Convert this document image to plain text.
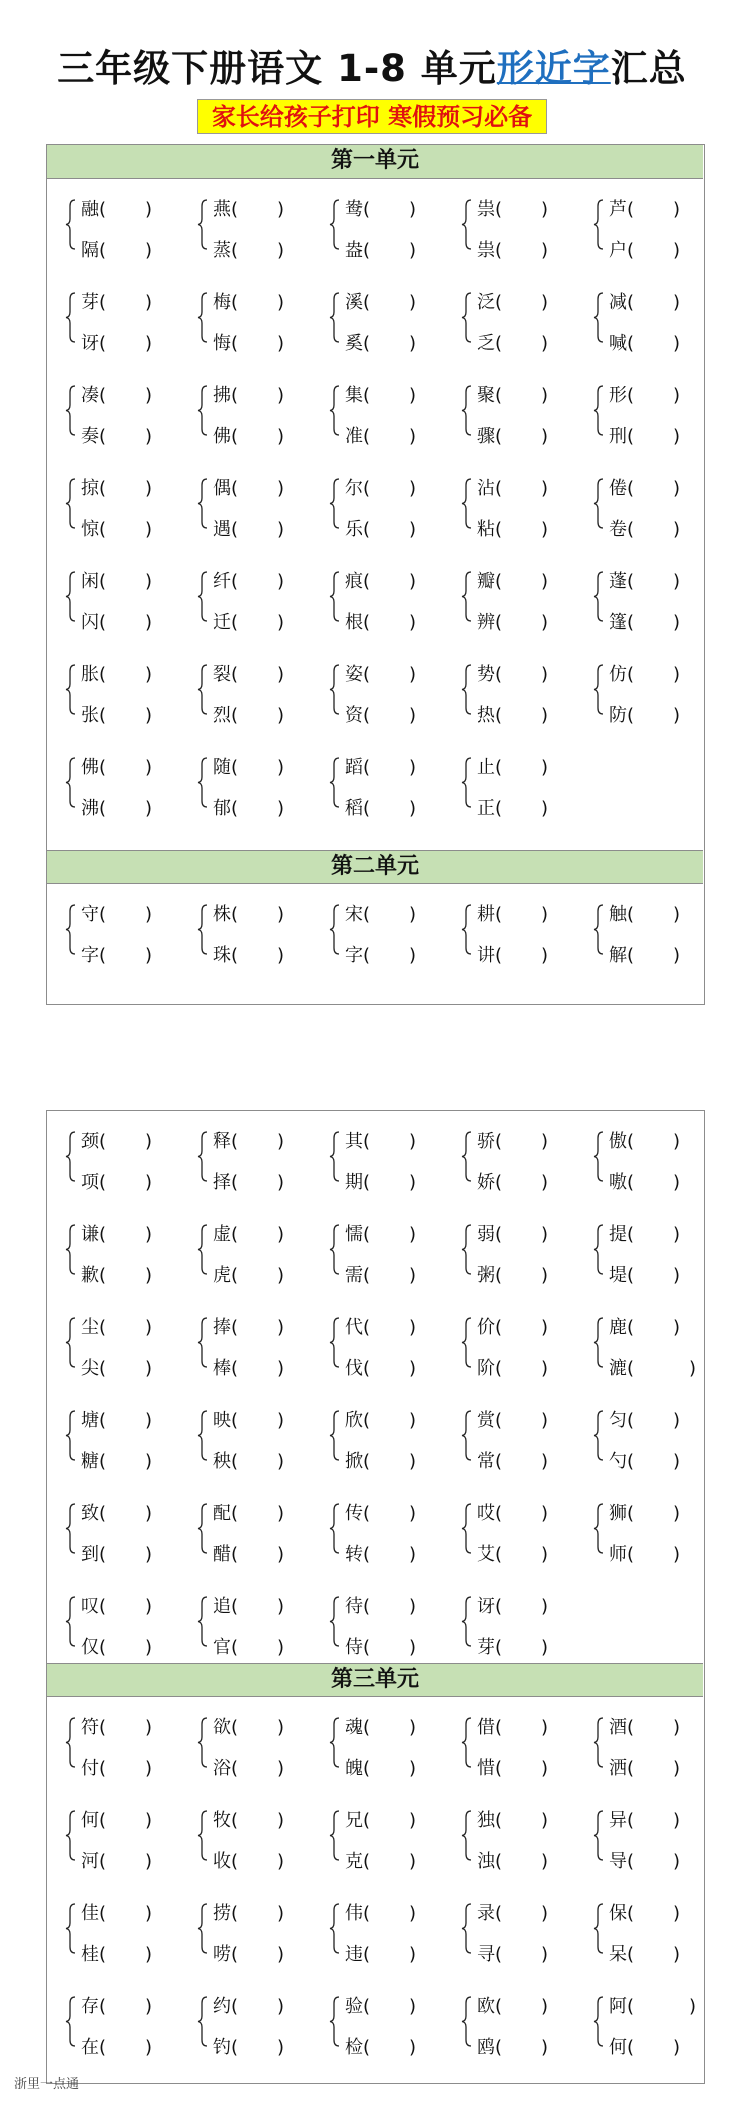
三年级下册语文 1-8 单元形近字汇总
家长给孩子打印 寒假预习必备
第一单元
第二单元
融( )
隔( )
燕( )
蒸( )
鸯( )
盎( )
祟( )
祟( )
芦( )
户( )
芽( )
讶( )
梅( )
悔( )
溪( )
奚( )
泛( )
乏( )
减( )
喊( )
凑( )
奏( )
拂( )
佛( )
集( )
准( )
聚( )
骤( )
形( )
刑( )
掠( )
惊( )
偶( )
遇( )
尔( )
乐( )
沾( )
粘( )
倦( )
卷( )
闲( )
闪( )
纤( )
迁( )
痕( )
根( )
瓣( )
辨( )
蓬( )
篷( )
胀( )
张( )
裂( )
烈( )
姿( )
资( )
势( )
热( )
仿( )
防( )
佛( )
沸( )
随( )
郁( )
蹈( )
稻( )
止( )
正( )
守( )
字( )
株( )
珠( )
宋( )
字( )
耕( )
讲( )
触( )
解( )
第三单元
颈( )
项( )
释( )
择( )
其( )
期( )
骄( )
娇( )
傲( )
嗷( )
谦( )
歉( )
虚( )
虎( )
懦( )
需( )
弱( )
粥( )
提( )
堤( )
尘( )
尖( )
捧( )
棒( )
代( )
伐( )
价( )
阶( )
鹿( )
漉(	)
塘( )
糖( )
映( )
秧( )
欣( )
掀( )
赏( )
常( )
匀( )
勺( )
致( )
到( )
配( )
醋( )
传( )
转( )
哎( )
艾( )
狮( )
师( )
叹( )
仅( )
追( )
官( )
待( )
侍( )
讶( )
芽( )
符( )
付( )
欲( )
浴( )
魂( )
魄( )
借( )
惜( )
酒( )
洒( )
何( )
河( )
牧( )
收( )
兄( )
克( )
独( )
浊( )
异( )
导( )
佳( )
桂( )
捞( )
唠( )
伟( )
违( )
录( )
寻( )
保( )
呆( )
存( )
在( )
约( )
钓( )
验( )
检( )
欧( )
鸥( )
阿(	)
何( )
浙里一点通
